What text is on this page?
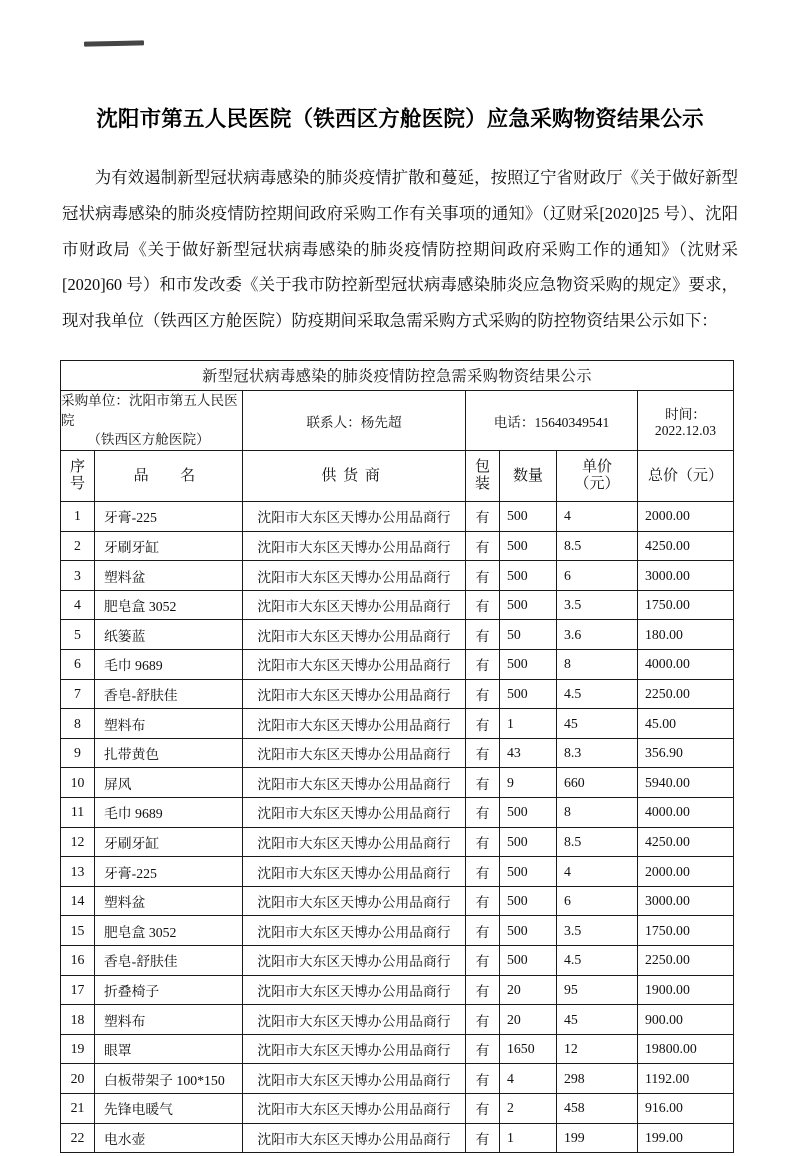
沈阳市第五人民医院（铁西区方舱医院）应急采购物资结果公示

为有效遏制新型冠状病毒感染的肺炎疫情扩散和蔓延，按照辽宁省财政厅《关于做好新型冠状病毒感染的肺炎疫情防控期间政府采购工作有关事项的通知》（辽财采[2020]25 号）、沈阳市财政局《关于做好新型冠状病毒感染的肺炎疫情防控期间政府采购工作的通知》（沈财采[2020]60 号）和市发改委《关于我市防控新型冠状病毒感染肺炎应急物资采购的规定》要求，现对我单位（铁西区方舱医院）防疫期间采取急需采购方式采购的防控物资结果公示如下：

新型冠状病毒感染的肺炎疫情防控急需采购物资结果公示						
采购单位：沈阳市第五人民医院
（铁西区方舱医院）		联系人：杨先超	电话：15640349541			时间：2022.12.03

序
号	品　名	供货商	包
装	数量	单价
（元）	总价（元）
1	牙膏-225	沈阳市大东区天博办公用品商行	有	500	4	2000.00
2	牙刷牙缸	沈阳市大东区天博办公用品商行	有	500	8.5	4250.00
3	塑料盆	沈阳市大东区天博办公用品商行	有	500	6	3000.00
4	肥皂盒 3052	沈阳市大东区天博办公用品商行	有	500	3.5	1750.00
5	纸篓蓝	沈阳市大东区天博办公用品商行	有	50	3.6	180.00
6	毛巾 9689	沈阳市大东区天博办公用品商行	有	500	8	4000.00
7	香皂-舒肤佳	沈阳市大东区天博办公用品商行	有	500	4.5	2250.00
8	塑料布	沈阳市大东区天博办公用品商行	有	1	45	45.00
9	扎带黄色	沈阳市大东区天博办公用品商行	有	43	8.3	356.90
10	屏风	沈阳市大东区天博办公用品商行	有	9	660	5940.00
11	毛巾 9689	沈阳市大东区天博办公用品商行	有	500	8	4000.00
12	牙刷牙缸	沈阳市大东区天博办公用品商行	有	500	8.5	4250.00
13	牙膏-225	沈阳市大东区天博办公用品商行	有	500	4	2000.00
14	塑料盆	沈阳市大东区天博办公用品商行	有	500	6	3000.00
15	肥皂盒 3052	沈阳市大东区天博办公用品商行	有	500	3.5	1750.00
16	香皂-舒肤佳	沈阳市大东区天博办公用品商行	有	500	4.5	2250.00
17	折叠椅子	沈阳市大东区天博办公用品商行	有	20	95	1900.00
18	塑料布	沈阳市大东区天博办公用品商行	有	20	45	900.00
19	眼罩	沈阳市大东区天博办公用品商行	有	1650	12	19800.00
20	白板带架子 100*150	沈阳市大东区天博办公用品商行	有	4	298	1192.00
21	先锋电暖气	沈阳市大东区天博办公用品商行	有	2	458	916.00
22	电水壶	沈阳市大东区天博办公用品商行	有	1	199	199.00
